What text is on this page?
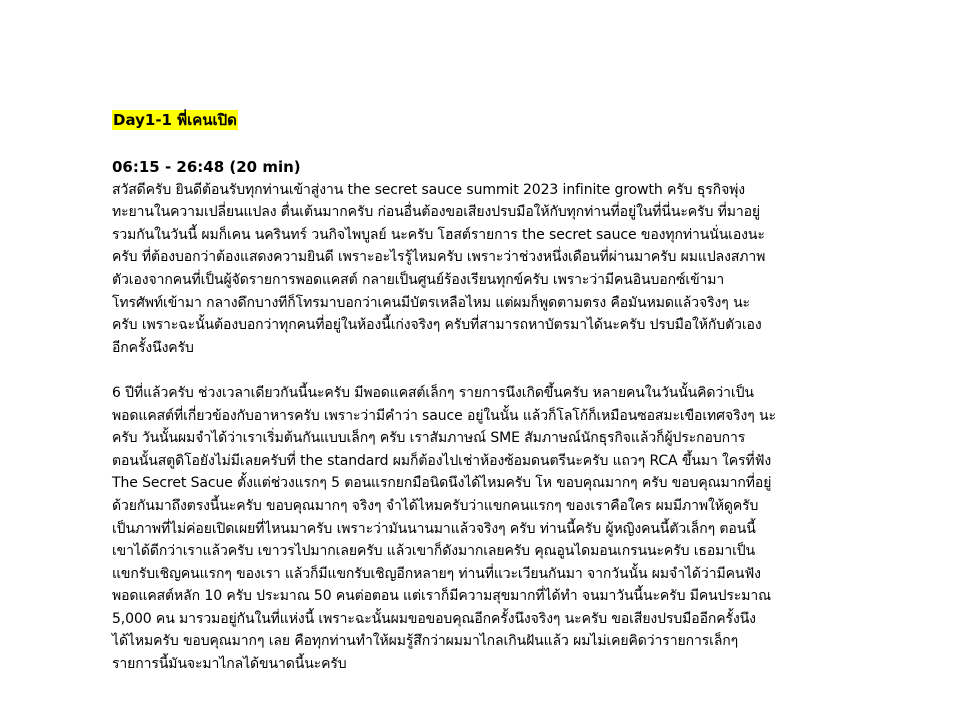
Day1-1 พี่เคนเปิด

06:15 - 26:48 (20 min)

สวัสดีครับ ยินดีต้อนรับทุกท่านเข้าสู่งาน the secret sauce summit 2023 infinite growth ครับ ธุรกิจพุ่ง
ทะยานในความเปลี่ยนแปลง ตื่นเต้นมากครับ ก่อนอื่นต้องขอเสียงปรบมือให้กับทุกท่านที่อยู่ในที่นี่นะครับ ที่มาอยู่
รวมกันในวันนี้ ผมก็เคน นครินทร์ วนกิจไพบูลย์ นะครับ โฮสต์รายการ the secret sauce ของทุกท่านนั่นเองนะ
ครับ ที่ต้องบอกว่าต้องแสดงความยินดี เพราะอะไรรู้ไหมครับ เพราะว่าช่วงหนึ่งเดือนที่ผ่านมาครับ ผมแปลงสภาพ
ตัวเองจากคนที่เป็นผู้จัดรายการพอดแคสต์ กลายเป็นศูนย์ร้องเรียนทุกข์ครับ เพราะว่ามีคนอินบอกซ์เข้ามา
โทรศัพท์เข้ามา กลางดึกบางทีก็โทรมาบอกว่าเคนมีบัตรเหลือไหม แต่ผมก็พูดตามตรง คือมันหมดแล้วจริงๆ นะ
ครับ เพราะฉะนั้นต้องบอกว่าทุกคนที่อยู่ในห้องนี้เก่งจริงๆ ครับที่สามารถหาบัตรมาได้นะครับ ปรบมือให้กับตัวเอง
อีกครั้งนึงครับ
6 ปีที่แล้วครับ ช่วงเวลาเดียวกันนี้นะครับ มีพอดแคสต์เล็กๆ รายการนึงเกิดขึ้นครับ หลายคนในวันนั้นคิดว่าเป็น
พอดแคสต์ที่เกี่ยวข้องกับอาหารครับ เพราะว่ามีคำว่า sauce อยู่ในนั้น แล้วก็โลโก้ก็เหมือนซอสมะเขือเทศจริงๆ นะ
ครับ วันนั้นผมจำได้ว่าเราเริ่มต้นกันแบบเล็กๆ ครับ เราสัมภาษณ์ SME สัมภาษณ์นักธุรกิจแล้วก็ผู้ประกอบการ
ตอนนั้นสตูดิโอยังไม่มีเลยครับที่ the standard ผมก็ต้องไปเช่าห้องซ้อมดนตรีนะครับ แถวๆ RCA ขึ้นมา ใครที่ฟัง
The Secret Sacue ตั้งแต่ช่วงแรกๆ 5 ตอนแรกยกมือนิดนึงได้ไหมครับ โห ขอบคุณมากๆ ครับ ขอบคุณมากที่อยู่
ด้วยกันมาถึงตรงนี้นะครับ ขอบคุณมากๆ จริงๆ จำได้ไหมครับว่าแขกคนแรกๆ ของเราคือใคร ผมมีภาพให้ดูครับ
เป็นภาพที่ไม่ค่อยเปิดเผยที่ไหนมาครับ เพราะว่ามันนานมาแล้วจริงๆ ครับ ท่านนี้ครับ ผู้หญิงคนนี้ตัวเล็กๆ ตอนนี้
เขาได้ดีกว่าเราแล้วครับ เขาวรไปมากเลยครับ แล้วเขาก็ดังมากเลยครับ คุณอูนไดมอนเกรนนะครับ เธอมาเป็น
แขกรับเชิญคนแรกๆ ของเรา แล้วก็มีแขกรับเชิญอีกหลายๆ ท่านที่แวะเวียนกันมา จากวันนั้น ผมจำได้ว่ามีคนฟัง
พอดแคสต์หลัก 10 ครับ ประมาณ 50 คนต่อตอน แต่เราก็มีความสุขมากที่ได้ทำ จนมาวันนี้นะครับ มีคนประมาณ
5,000 คน มารวมอยู่กันในที่แห่งนี้ เพราะฉะนั้นผมขอขอบคุณอีกครั้งนึงจริงๆ นะครับ ขอเสียงปรบมืออีกครั้งนึง
ได้ไหมครับ ขอบคุณมากๆ เลย คือทุกท่านทำให้ผมรู้สึกว่าผมมาไกลเกินฝันแล้ว ผมไม่เคยคิดว่ารายการเล็กๆ
รายการนี้มันจะมาไกลได้ขนาดนี้นะครับ
